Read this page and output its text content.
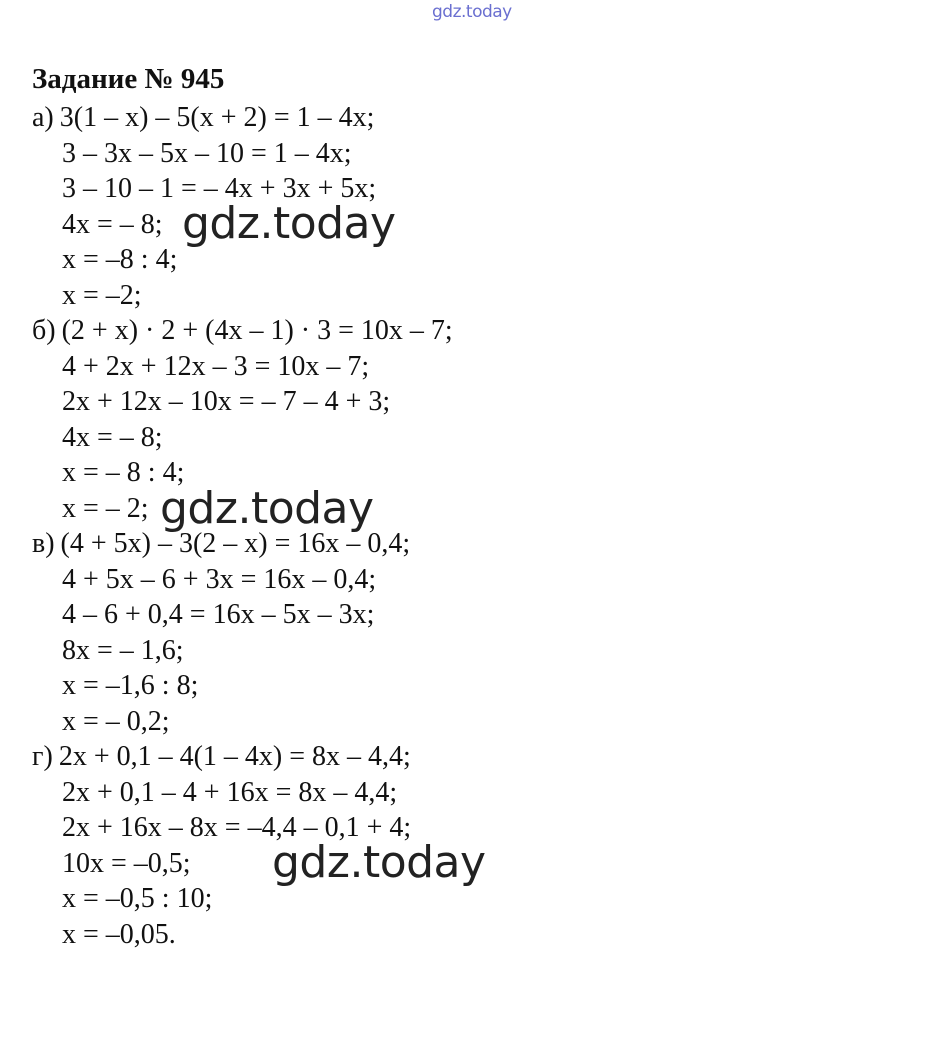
gdz.today
Задание № 945
а) 3(1 – x) – 5(x + 2) = 1 – 4x;
3 – 3x – 5x – 10 = 1 – 4x;
3 – 10 – 1 = – 4x + 3x + 5x;
4x = – 8;
x = –8 : 4;
x = –2;
б) (2 + x) · 2 + (4x – 1) · 3 = 10x – 7;
4 + 2x + 12x – 3 = 10x – 7;
2x + 12x – 10x = – 7 – 4 + 3;
4x = – 8;
x = – 8 : 4;
x = – 2;
в) (4 + 5x) – 3(2 – x) = 16x – 0,4;
4 + 5x – 6 + 3x = 16x – 0,4;
4 – 6 + 0,4 = 16x – 5x – 3x;
8x = – 1,6;
x = –1,6 : 8;
x = – 0,2;
г) 2x + 0,1 – 4(1 – 4x) = 8x – 4,4;
2x + 0,1 – 4 + 16x = 8x – 4,4;
2x + 16x – 8x = –4,4 – 0,1 + 4;
10x = –0,5;
x = –0,5 : 10;
x = –0,05.
gdz.today
gdz.today
gdz.today
